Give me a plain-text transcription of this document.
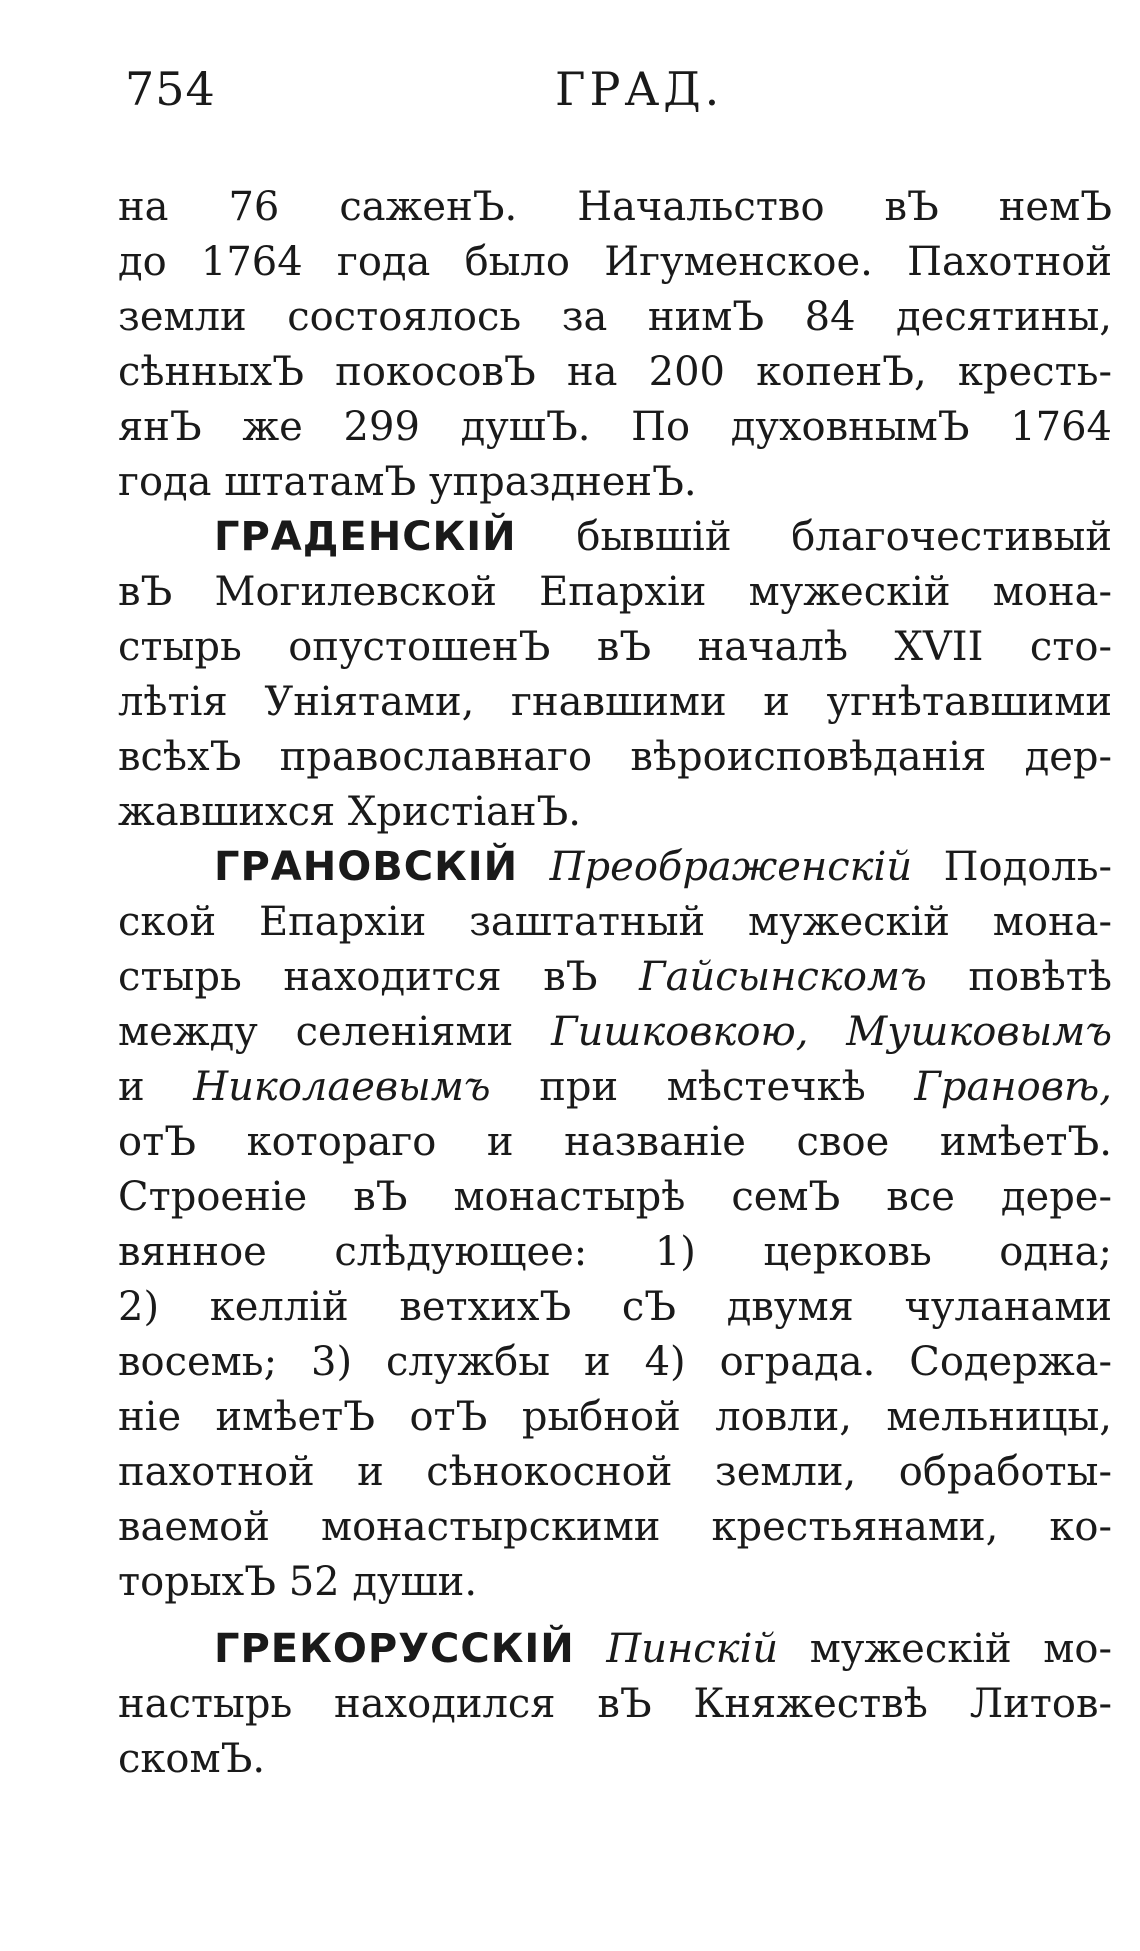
754	ГРАД.
на 76 саженЪ. Начальство вЪ немЪ
до 1764 года было Игуменское. Пахотной
земли состоялось за нимЪ 84 десятины,
сѣнныхЪ покосовЪ на 200 копенЪ, кресть-
янЪ же 299 душЪ. По духовнымЪ 1764
года штатамЪ упраздненЪ.
ГРАДЕНСКІЙ бывшій благочестивый
вЪ Могилевской Епархіи мужескій мона-
стырь опустошенЪ вЪ началѣ XVII сто-
лѣтія Уніятами, гнавшими и угнѣтавшими
всѣхЪ православнаго вѣроисповѣданія дер-
жавшихся ХристіанЪ.
ГРАНОВСКІЙ Преображенскій Подоль-
ской Епархіи заштатный мужескій мона-
стырь находится вЪ Гайсынскомъ повѣтѣ
между селеніями Гишковкою, Мушковымъ
и Николаевымъ при мѣстечкѣ Грановѣ,
отЪ котораго и названіе свое имѣетЪ.
Строеніе вЪ монастырѣ семЪ все дере-
вянное слѣдующее: 1) церковь одна;
2) келлій ветхихЪ сЪ двумя чуланами
восемь; 3) службы и 4) ограда. Содержа-
ніе имѣетЪ отЪ рыбной ловли, мельницы,
пахотной и сѣнокосной земли, обработы-
ваемой монастырскими крестьянами, ко-
торыхЪ 52 души.
ГРЕКОРУССКІЙ Пинскій мужескій мо-
настырь находился вЪ Княжествѣ Литов-
скомЪ.
